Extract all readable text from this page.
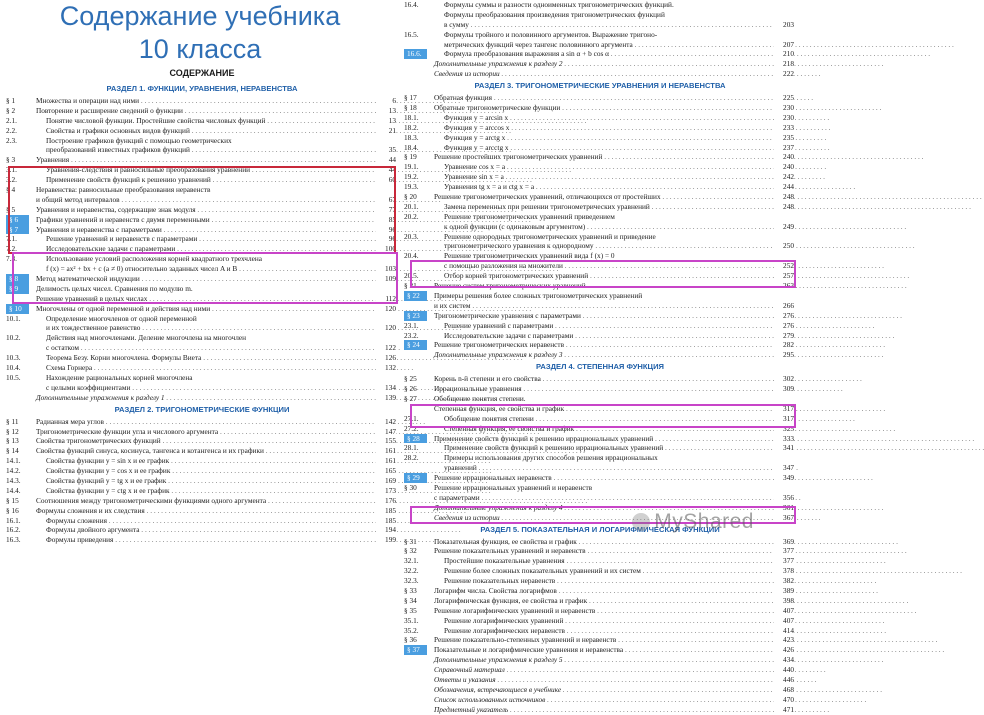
Содержание учебника
10 класса
СОДЕРЖАНИЕ
РАЗДЕЛ 1. ФУНКЦИИ, УРАВНЕНИЯ, НЕРАВЕНСТВА
§ 1	Множества и операции над ними . . .	6
§ 2	Повторение и расширение сведений о функции . . .	13
2.1.	Понятие числовой функции. Простейшие свойства числовых функций . . .	13
2.2.	Свойства и графики основных видов функций . . .	21
2.3.	Построение графиков функций с помощью геометрических
преобразований известных графиков функций . . .	35
§ 3	Уравнения . . .	44
3.1.	Уравнения-следствия и равносильные преобразования уравнений . . .	44
3.2.	Применение свойств функций к решению уравнений . . .	60
§ 4	Неравенства: равносильные преобразования неравенств
и общий метод интервалов . . .	67
§ 5	Уравнения и неравенства, содержащие знак модуля . . .	77
§ 6	Графики уравнений и неравенств с двумя переменными . . .	85
§ 7	Уравнения и неравенства с параметрами . . .	96
7.1.	Решение уравнений и неравенств с параметрами . . .	96
7.2.	Исследовательские задачи с параметрами . . .	100
7.3.	Использование условий расположения корней квадратного трехчлена
f (x) = ax² + bx + c (a ≠ 0) относительно заданных чисел A и B . . .	103
§ 8	Метод математической индукции . . .	109
§ 9	Делимость целых чисел. Сравнения по модулю m.
Решение уравнений в целых числах . . .	112
§ 10	Многочлены от одной переменной и действия над ними . . .	120
10.1.	Определение многочленов от одной переменной
и их тождественное равенство . . .	120
10.2.	Действия над многочленами. Деление многочлена на многочлен
с остатком . . .	122
10.3.	Теорема Безу. Корни многочлена. Формулы Виета . . .	126
10.4.	Схема Горнера . . .	132
10.5.	Нахождение рациональных корней многочлена
с целыми коэффициентами . . .	134
Дополнительные упражнения к разделу 1 . . .	139
РАЗДЕЛ 2. ТРИГОНОМЕТРИЧЕСКИЕ ФУНКЦИИ
§ 11	Радианная мера углов . . .	142
§ 12	Тригонометрические функции угла и числового аргумента . . .	147
§ 13	Свойства тригонометрических функций . . .	155
§ 14	Свойства функций синуса, косинуса, тангенса и котангенса и их графики . . .	161
14.1.	Свойства функции y = sin x и ее график . . .	161
14.2.	Свойства функции y = cos x и ее график . . .	165
14.3.	Свойства функций y = tg x и ее график . . .	169
14.4.	Свойства функции y = ctg x и ее график . . .	173
§ 15	Соотношения между тригонометрическими функциями одного аргумента . . .	176
§ 16	Формулы сложения и их следствия . . .	185
16.1.	Формулы сложения . . .	185
16.2.	Формулы двойного аргумента . . .	194
16.3.	Формулы приведения . . .	199
16.4.	Формулы суммы и разности одноименных тригонометрических функций.
Формулы преобразования произведения тригонометрических функций
в сумму . . .	203
16.5.	Формулы тройного и половинного аргументов. Выражение тригоно-
метрических функций через тангенс половинного аргумента . . .	207
16.6.	Формула преобразования выражения a sin α + b cos α . . .	210
Дополнительные упражнения к разделу 2 . . .	218
Сведения из истории . . .	222
РАЗДЕЛ 3. ТРИГОНОМЕТРИЧЕСКИЕ УРАВНЕНИЯ И НЕРАВЕНСТВА
§ 17	Обратная функция . . .	225
§ 18	Обратные тригонометрические функции . . .	230
18.1.	Функция y = arcsin x . . .	230
18.2.	Функция y = arccos x . . .	233
18.3.	Функция y = arctg x . . .	235
18.4.	Функция y = arcctg x . . .	237
§ 19	Решение простейших тригонометрических уравнений . . .	240
19.1.	Уравнение cos x = a . . .	240
19.2.	Уравнение sin x = a . . .	242
19.3.	Уравнения tg x = a и ctg x = a . . .	244
§ 20	Решение тригонометрических уравнений, отличающихся от простейших . . .	248
20.1.	Замена переменных при решении тригонометрических уравнений . . .	248
20.2.	Решение тригонометрических уравнений приведением
к одной функции (с одинаковым аргументом) . . .	249
20.3.	Решение однородных тригонометрических уравнений и приведение
тригонометрического уравнения к однородному . . .	250
20.4.	Решение тригонометрических уравнений вида f (x) = 0
с помощью разложения на множители . . .	252
20.5.	Отбор корней тригонометрических уравнений . . .	257
§ 21	Решение систем тригонометрических уравнений . . .	263
§ 22	Примеры решения более сложных тригонометрических уравнений
и их систем . . .	266
§ 23	Тригонометрические уравнения с параметрами . . .	276
23.1.	Решение уравнений с параметрами . . .	276
23.2.	Исследовательские задачи с параметрами . . .	279
§ 24	Решение тригонометрических неравенств . . .	282
Дополнительные упражнения к разделу 3 . . .	295
РАЗДЕЛ 4. СТЕПЕННАЯ ФУНКЦИЯ
§ 25	Корень n-й степени и его свойства . . .	302
§ 26	Иррациональные уравнения . . .	309
§ 27	Обобщение понятия степени.
Степенная функция, ее свойства и график . . .	317
27.1.	Обобщение понятия степени . . .	317
27.2.	Степенная функция, ее свойства и график . . .	325
§ 28	Применение свойств функций к решению иррациональных уравнений . . .	333
28.1.	Применение свойств функций к решению иррациональных уравнений . . .	341
28.2.	Примеры использования других способов решения иррациональных
уравнений . . .	347
§ 29	Решение иррациональных неравенств . . .	349
§ 30	Решение иррациональных уравнений и неравенств
с параметрами . . .	356
Дополнительные упражнения к разделу 4 . . .	361
Сведения из истории . . .	367
РАЗДЕЛ 5. ПОКАЗАТЕЛЬНАЯ И ЛОГАРИФМИЧЕСКАЯ ФУНКЦИИ
§ 31	Показательная функция, ее свойства и график . . .	369
§ 32	Решение показательных уравнений и неравенств . . .	377
32.1.	Простейшие показательные уравнения . . .	377
32.2.	Решение более сложных показательных уравнений и их систем . . .	378
32.3.	Решение показательных неравенств . . .	382
§ 33	Логарифм числа. Свойства логарифмов . . .	389
§ 34	Логарифмическая функция, ее свойства и график . . .	398
§ 35	Решение логарифмических уравнений и неравенств . . .	407
35.1.	Решение логарифмических уравнений . . .	407
35.2.	Решение логарифмических неравенств . . .	414
§ 36	Решение показательно-степенных уравнений и неравенств . . .	423
§ 37	Показательные и логарифмические уравнения и неравенства . . .	426
Дополнительные упражнения к разделу 5 . . .	434
Справочный материал . . .	440
Ответы и указания . . .	446
Обозначения, встречающиеся в учебнике . . .	468
Список использованных источников . . .	470
Предметный указатель . . .	471
MyShared
